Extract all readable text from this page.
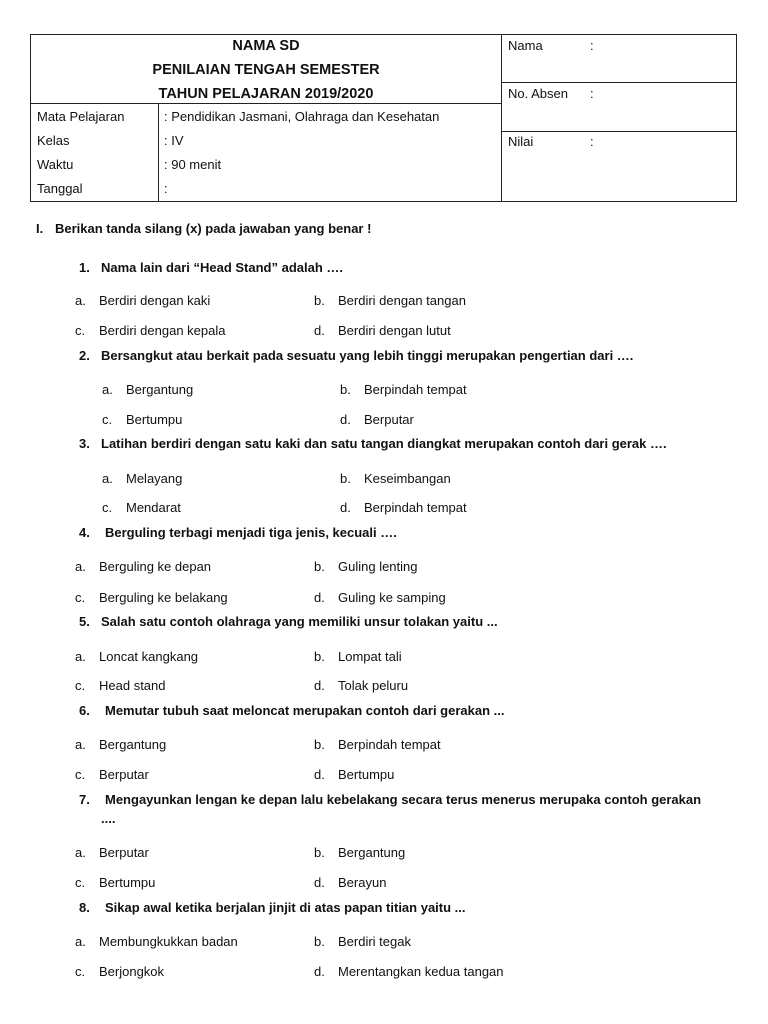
NAMA SD
PENILAIAN TENGAH SEMESTER
TAHUN PELAJARAN 2019/2020
Mata Pelajaran	: Pendidikan Jasmani, Olahraga dan Kesehatan
Kelas	: IV
Waktu	: 90 menit
Tanggal	:
Nama	:
No. Absen :
Nilai	:
I. Berikan tanda silang (x) pada jawaban yang benar !
1. Nama lain dari “Head Stand” adalah ….
a. Berdiri dengan kaki	b. Berdiri dengan tangan
c. Berdiri dengan kepala	d. Berdiri dengan lutut
2. Bersangkut atau berkait pada sesuatu yang lebih tinggi merupakan pengertian dari ….
a. Bergantung	b. Berpindah tempat
c. Bertumpu	d. Berputar
3. Latihan berdiri dengan satu kaki dan satu tangan diangkat merupakan contoh dari gerak ….
a. Melayang	b. Keseimbangan
c. Mendarat	d. Berpindah tempat
4. Berguling terbagi menjadi tiga jenis, kecuali ….
a. Berguling ke depan	b. Guling lenting
c. Berguling ke belakang	d. Guling ke samping
5. Salah satu contoh olahraga yang memiliki unsur tolakan yaitu ...
a. Loncat kangkang	b. Lompat tali
c. Head stand	d. Tolak peluru
6. Memutar tubuh saat meloncat merupakan contoh dari gerakan ...
a. Bergantung	b. Berpindah tempat
c. Berputar	d. Bertumpu
7. Mengayunkan lengan ke depan lalu kebelakang secara terus menerus merupaka contoh gerakan
....
a. Berputar	b. Bergantung
c. Bertumpu	d. Berayun
8. Sikap awal ketika berjalan jinjit di atas papan titian yaitu ...
a. Membungkukkan badan	b. Berdiri tegak
c. Berjongkok	d. Merentangkan kedua tangan
